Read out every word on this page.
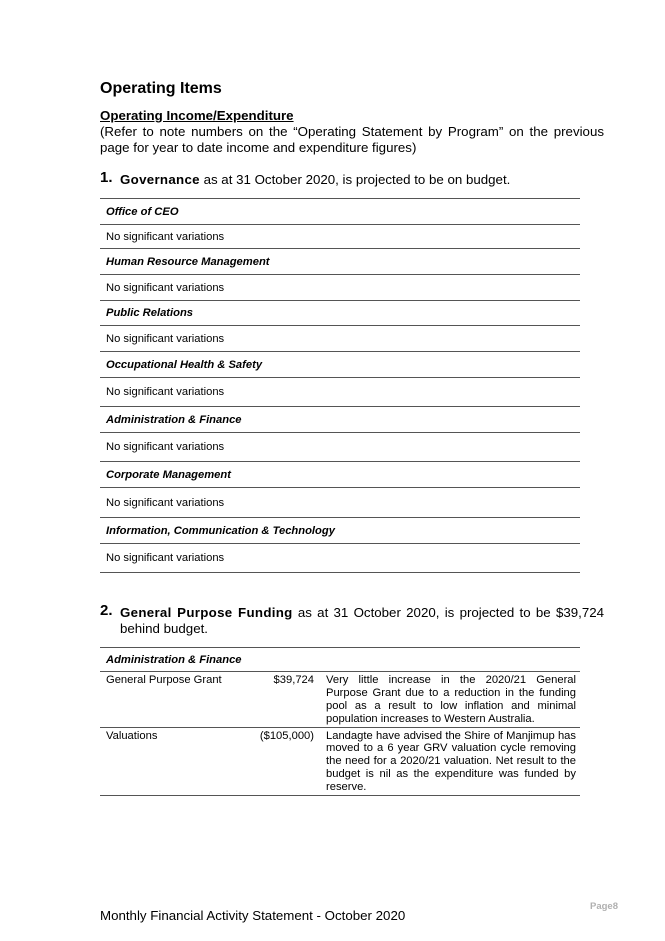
Operating Items
Operating Income/Expenditure
(Refer to note numbers on the “Operating Statement by Program” on the previous page for year to date income and expenditure figures)
1. Governance as at 31 October 2020, is projected to be on budget.
Office of CEO
No significant variations
Human Resource Management
No significant variations
Public Relations
No significant variations
Occupational Health & Safety
No significant variations
Administration & Finance
No significant variations
Corporate Management
No significant variations
Information, Communication & Technology
No significant variations
2. General Purpose Funding as at 31 October 2020, is projected to be $39,724 behind budget.
Administration & Finance		
General Purpose Grant	$39,724	Very little increase in the 2020/21 General Purpose Grant due to a reduction in the funding pool as a result to low inflation and minimal population increases to Western Australia.
Valuations	($105,000)	Landagte have advised the Shire of Manjimup has moved to a 6 year GRV valuation cycle removing the need for a 2020/21 valuation. Net result to the budget is nil as the expenditure was funded by reserve.
Page8
Monthly Financial Activity Statement - October 2020
